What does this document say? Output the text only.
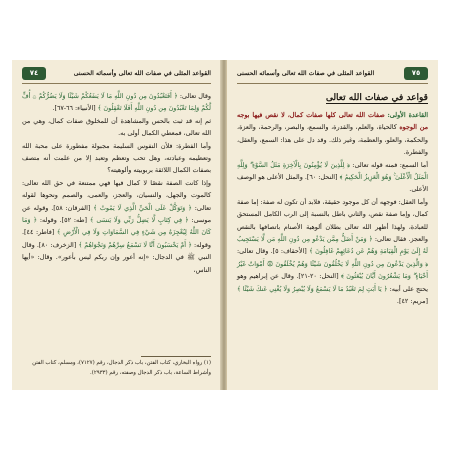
٧٤	القواعد المثلى في صفات الله تعالى وأسمائه الحسنى

وقال تعالى: ﴿ أَفَتَعْبُدُونَ مِن دُونِ اللَّهِ مَا لَا يَنفَعُكُمْ شَيْئًا وَلَا يَضُرُّكُمْ ۞ أُفٍّ لَّكُمْ وَلِمَا تَعْبُدُونَ مِن دُونِ اللَّهِ أَفَلَا تَعْقِلُونَ ﴾ [الأنبياء: ٦٦-٦٧].

ثم إنه قد ثبت بالحس والمشاهدة أن للمخلوق صفات كمال، وهي من الله تعالى، فمعطي الكمال أولى به.

وأما الفطرة: فلأن النفوس السليمة مجبولة مفطورة على محبة الله وتعظيمه وعبادته، وهل تحب وتعظم وتعبد إلا من علمت أنه متصف بصفات الكمال اللائقة بربوبيته وألوهيته؟

وإذا كانت الصفة نقصًا لا كمال فيها فهي ممتنعة في حق الله تعالى: كالموت والجهل، والنسيان، والعجز، والعمى، والصمم ونحوها لقوله تعالى: ﴿ وَتَوَكَّلْ عَلَى الْحَيِّ الَّذِي لَا يَمُوتُ ﴾ [الفرقان: ٥٨]. وقوله عن موسى: ﴿ فِي كِتَابٍ لَّا يَضِلُّ رَبِّي وَلَا يَنسَى ﴾ [طه: ٥٢]. وقوله: ﴿ وَمَا كَانَ اللَّهُ لِيُعْجِزَهُ مِن شَيْءٍ فِي السَّمَاوَاتِ وَلَا فِي الْأَرْضِ ﴾ [فاطر: ٤٤]. وقوله: ﴿ أَمْ يَحْسَبُونَ أَنَّا لَا نَسْمَعُ سِرَّهُمْ وَنَجْوَاهُمْ ﴾ [الزخرف: ٨٠]. وقال النبي ﷺ في الدجال: «إنه أعور وإن ربكم ليس بأعور». وقال: «أيها الناس،

(١) رواه البخاري، كتاب الفتن، باب ذكر الدجال، رقم (٧١٢٧)، ومسلم، كتاب الفتن وأشراط الساعة، باب ذكر الدجال وصفته، رقم (٢٩٣٣).
٧٥
القواعد المثلى في صفات الله تعالى وأسمائه الحسنى
قواعد في صفات الله تعالى

القاعدة الأولى: صفات الله تعالى كلها صفات كمال، لا نقص فيها بوجه من الوجوه كالحياة، والعلم، والقدرة، والسمع، والبصر، والرحمة، والعزة، والحكمة، والعلو، والعظمة، وغير ذلك. وقد دل على هذا: السمع، والعقل، والفطرة.

أما السمع: فمنه قوله تعالى: ﴿ لِلَّذِينَ لَا يُؤْمِنُونَ بِالْآخِرَةِ مَثَلُ السَّوْءِ ۖ وَلِلَّهِ الْمَثَلُ الْأَعْلَىٰ ۚ وَهُوَ الْعَزِيزُ الْحَكِيمُ ﴾ [النحل: ٦٠]. والمثل الأعلى هو الوصف الأعلى.

وأما العقل: فوجهه أن كل موجود حقيقة، فلابد أن تكون له صفة: إما صفة كمال، وإما صفة نقص، والثاني باطل بالنسبة إلى الرب الكامل المستحق للعبادة، ولهذا أظهر الله تعالى بطلان ألوهية الأصنام باتصافها بالنقص والعجز. فقال تعالى: ﴿ وَمَنْ أَضَلُّ مِمَّن يَدْعُو مِن دُونِ اللَّهِ مَن لَّا يَسْتَجِيبُ لَهُ إِلَىٰ يَوْمِ الْقِيَامَةِ وَهُمْ عَن دُعَائِهِمْ غَافِلُونَ ﴾ [الأحقاف: ٥]. وقال تعالى: ﴿ وَالَّذِينَ يَدْعُونَ مِن دُونِ اللَّهِ لَا يَخْلُقُونَ شَيْئًا وَهُمْ يُخْلَقُونَ ۞ أَمْوَاتٌ غَيْرُ أَحْيَاءٍ ۖ وَمَا يَشْعُرُونَ أَيَّانَ يُبْعَثُونَ ﴾ [النحل: ٢٠-٢١]. وقال عن إبراهيم وهو يحتج على أبيه: ﴿ يَا أَبَتِ لِمَ تَعْبُدُ مَا لَا يَسْمَعُ وَلَا يُبْصِرُ وَلَا يُغْنِي عَنكَ شَيْئًا ﴾ [مريم: ٤٢].
